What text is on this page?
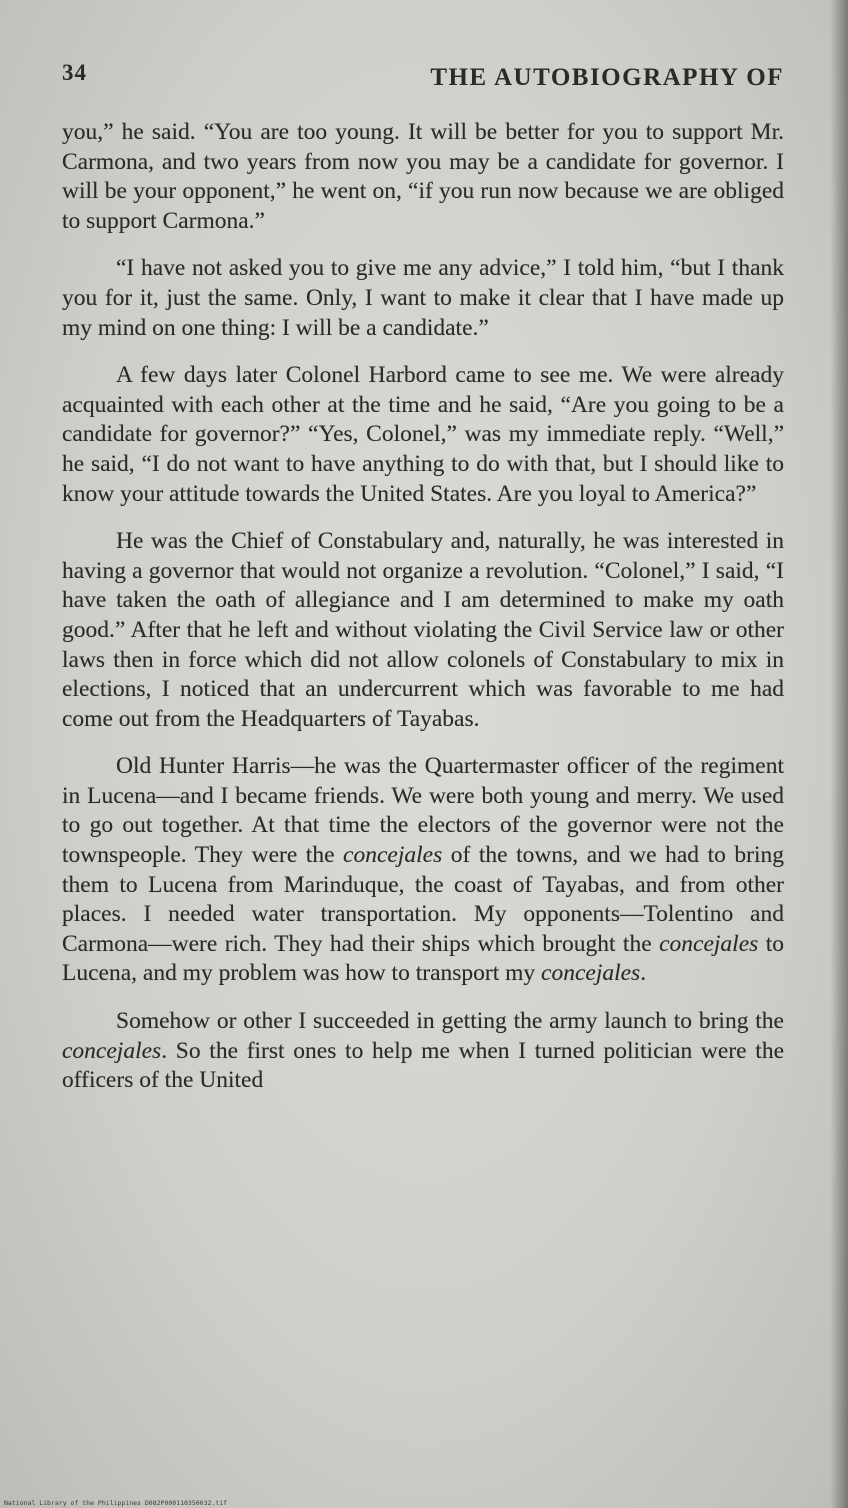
34	THE AUTOBIOGRAPHY OF

you,” he said. “You are too young. It will be better for you to support Mr. Carmona, and two years from now you may be a candidate for governor. I will be your opponent,” he went on, “if you run now because we are obliged to support Carmona.”

“I have not asked you to give me any advice,” I told him, “but I thank you for it, just the same. Only, I want to make it clear that I have made up my mind on one thing: I will be a candidate.”

A few days later Colonel Harbord came to see me. We were already acquainted with each other at the time and he said, “Are you going to be a candidate for governor?” “Yes, Colonel,” was my immediate reply. “Well,” he said, “I do not want to have anything to do with that, but I should like to know your attitude towards the United States. Are you loyal to America?”

He was the Chief of Constabulary and, naturally, he was interested in having a governor that would not organize a revolution. “Colonel,” I said, “I have taken the oath of allegiance and I am determined to make my oath good.” After that he left and without violating the Civil Service law or other laws then in force which did not allow colonels of Constabulary to mix in elections, I noticed that an undercurrent which was favorable to me had come out from the Headquarters of Tayabas.

Old Hunter Harris—he was the Quartermaster officer of the regiment in Lucena—and I became friends. We were both young and merry. We used to go out together. At that time the electors of the governor were not the townspeople. They were the concejales of the towns, and we had to bring them to Lucena from Marinduque, the coast of Tayabas, and from other places. I needed water transportation. My opponents—Tolentino and Carmona—were rich. They had their ships which brought the concejales to Lucena, and my problem was how to transport my concejales.

Somehow or other I succeeded in getting the army launch to bring the concejales. So the first ones to help me when I turned politician were the officers of the United

National Library of the Philippines D082P000110350032.tif
